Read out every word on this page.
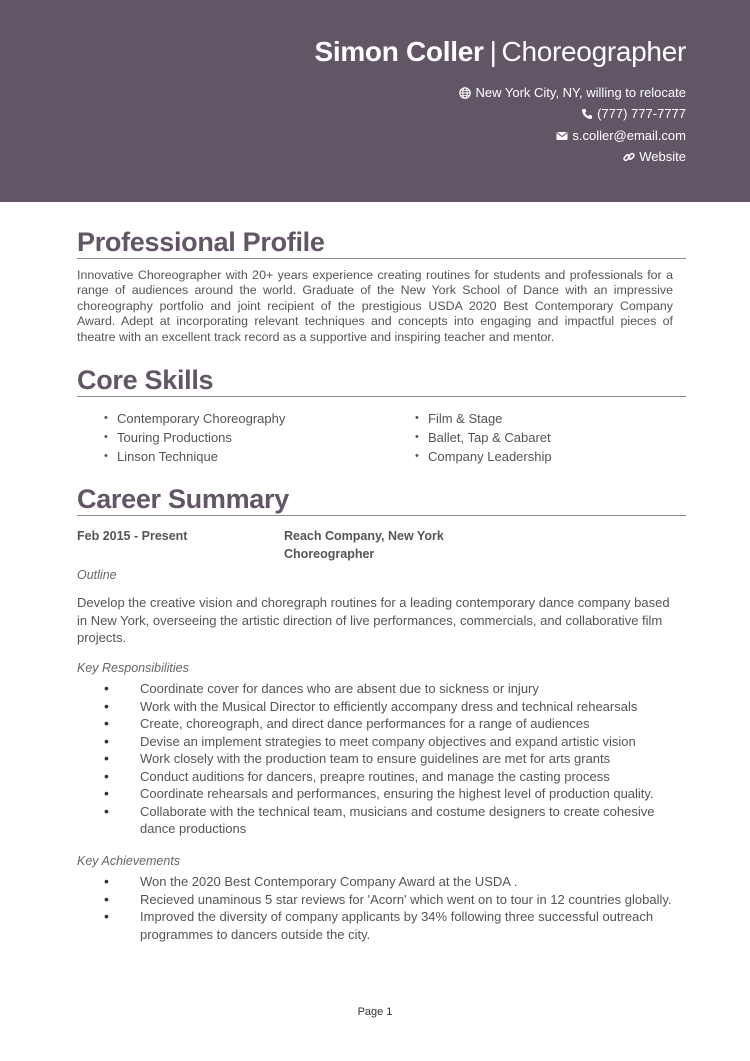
Simon Coller | Choreographer
New York City, NY, willing to relocate
(777) 777-7777
s.coller@email.com
Website
Professional Profile

Innovative Choreographer with 20+ years experience creating routines for students and professionals for a range of audiences around the world. Graduate of the New York School of Dance with an impressive choreography portfolio and joint recipient of the prestigious USDA 2020 Best Contemporary Company Award. Adept at incorporating relevant techniques and concepts into engaging and impactful pieces of theatre with an excellent track record as a supportive and inspiring teacher and mentor.

Core Skills
• Contemporary Choreography
• Touring Productions
• Linson Technique
• Film & Stage
• Ballet, Tap & Cabaret
• Company Leadership
Career Summary
Feb 2015 - Present	Reach Company, New York
Choreographer
Outline

Develop the creative vision and choregraph routines for a leading contemporary dance company based in New York, overseeing the artistic direction of live performances, commercials, and collaborative film projects.

Key Responsibilities
• Coordinate cover for dances who are absent due to sickness or injury
• Work with the Musical Director to efficiently accompany dress and technical rehearsals
• Create, choreograph, and direct dance performances for a range of audiences
• Devise an implement strategies to meet company objectives and expand artistic vision
• Work closely with the production team to ensure guidelines are met for arts grants
• Conduct auditions for dancers, preapre routines, and manage the casting process
• Coordinate rehearsals and performances, ensuring the highest level of production quality.
• Collaborate with the technical team, musicians and costume designers to create cohesive dance productions
Key Achievements
• Won the 2020 Best Contemporary Company Award at the USDA .
• Recieved unaminous 5 star reviews for 'Acorn' which went on to tour in 12 countries globally.
• Improved the diversity of company applicants by 34% following three successful outreach programmes to dancers outside the city.
Page 1
